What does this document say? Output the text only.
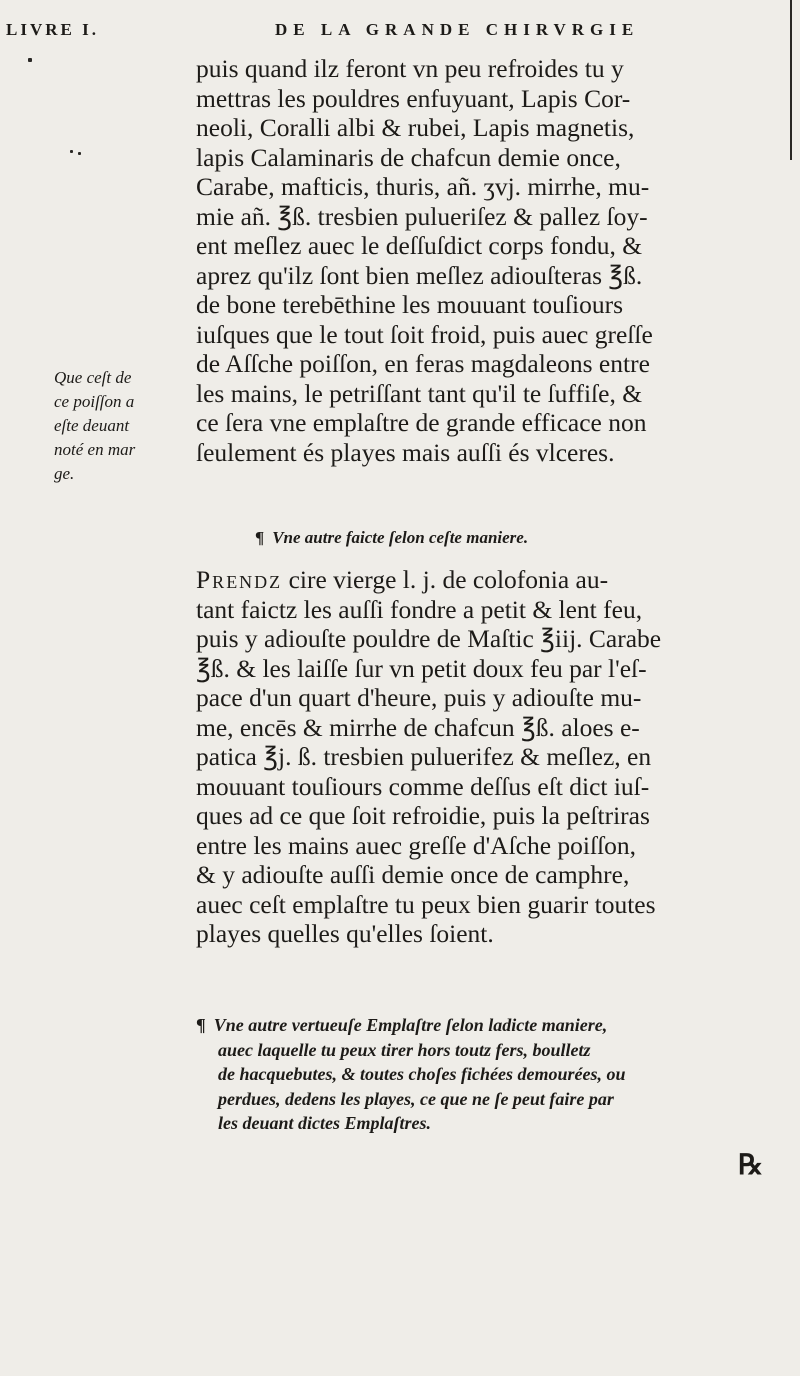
LIVRE I.	DE LA GRANDE CHIRVRGIE
puis quand ilz feront vn peu refroides tu y
mettras les pouldres enfuyuant, Lapis Cor-
neoli, Coralli albi & rubei, Lapis magnetis,
lapis Calaminaris de chafcun demie once,
Carabe, mafticis, thuris, añ. ʒvj. mirrhe, mu-
mie añ. ℥ß. tresbien pulueriſez & pallez ſoy-
ent meſlez auec le deſſuſdict corps fondu, &
aprez qu'ilz ſont bien meſlez adiouſteras ℥ß.
de bone terebēthine les mouuant touſiours
iuſques que le tout ſoit froid, puis auec greſſe
de Aſſche poiſſon, en feras magdaleons entre
les mains, le petriſſant tant qu'il te ſuffiſe, &
ce ſera vne emplaſtre de grande efficace non
ſeulement és playes mais auſſi és vlceres.
Que ceſt de
ce poiſſon a
eſte deuant
noté en mar
ge.
¶ Vne autre faicte ſelon ceſte maniere.
Prendz cire vierge l. j. de colofonia au-
tant faictz les auſſi fondre a petit & lent feu,
puis y adiouſte pouldre de Maſtic ℥iij. Carabe
℥ß. & les laiſſe ſur vn petit doux feu par l'eſ-
pace d'un quart d'heure, puis y adiouſte mu-
me, encēs & mirrhe de chafcun ℥ß. aloes e-
patica ℥j. ß. tresbien puluerifez & meſlez, en
mouuant touſiours comme deſſus eſt dict iuſ-
ques ad ce que ſoit refroidie, puis la peſtriras
entre les mains auec greſſe d'Aſche poiſſon,
& y adiouſte auſſi demie once de camphre,
auec ceſt emplaſtre tu peux bien guarir toutes
playes quelles qu'elles ſoient.
¶ Vne autre vertueuſe Emplaſtre ſelon ladicte maniere,
auec laquelle tu peux tirer hors toutz fers, boulletz
de hacquebutes, & toutes choſes fichées demourées, ou
perdues, dedens les playes, ce que ne ſe peut faire par
les deuant dictes Emplaſtres.
℞
